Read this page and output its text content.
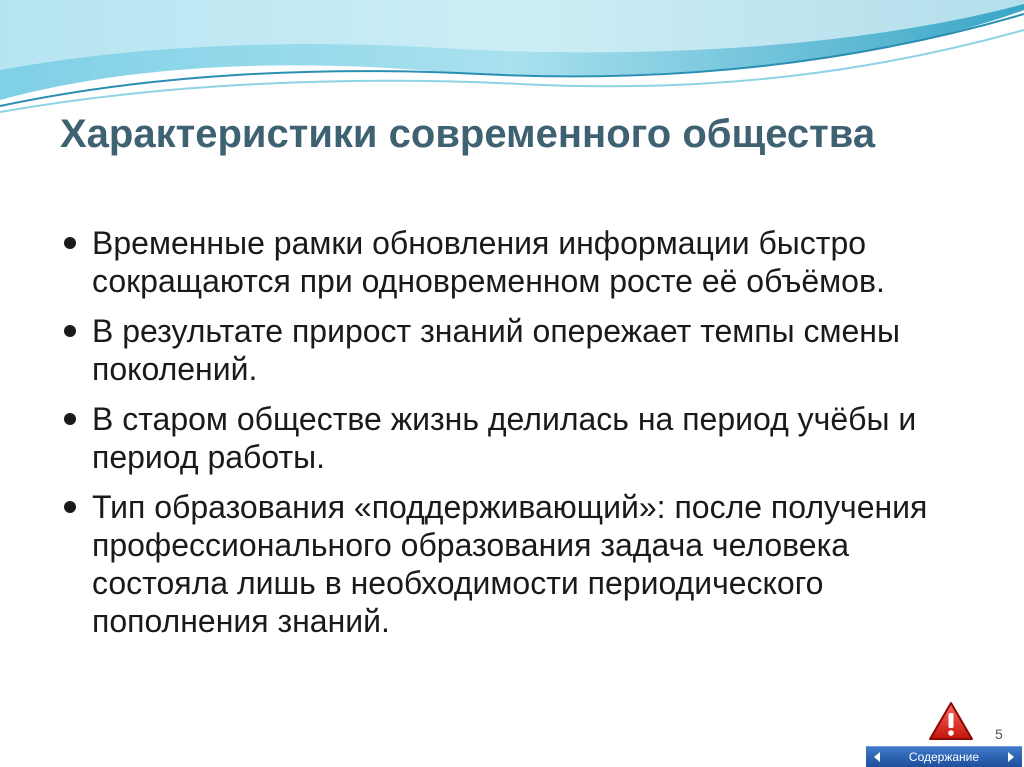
Характеристики современного общества
Временные рамки обновления информации быстро сокращаются при одновременном росте её объёмов.
В результате прирост знаний опережает темпы смены поколений.
В старом обществе жизнь делилась на период учёбы и период работы.
Тип образования «поддерживающий»: после получения профессионального образования задача человека состояла лишь в необходимости периодического пополнения знаний.
5
Содержание
